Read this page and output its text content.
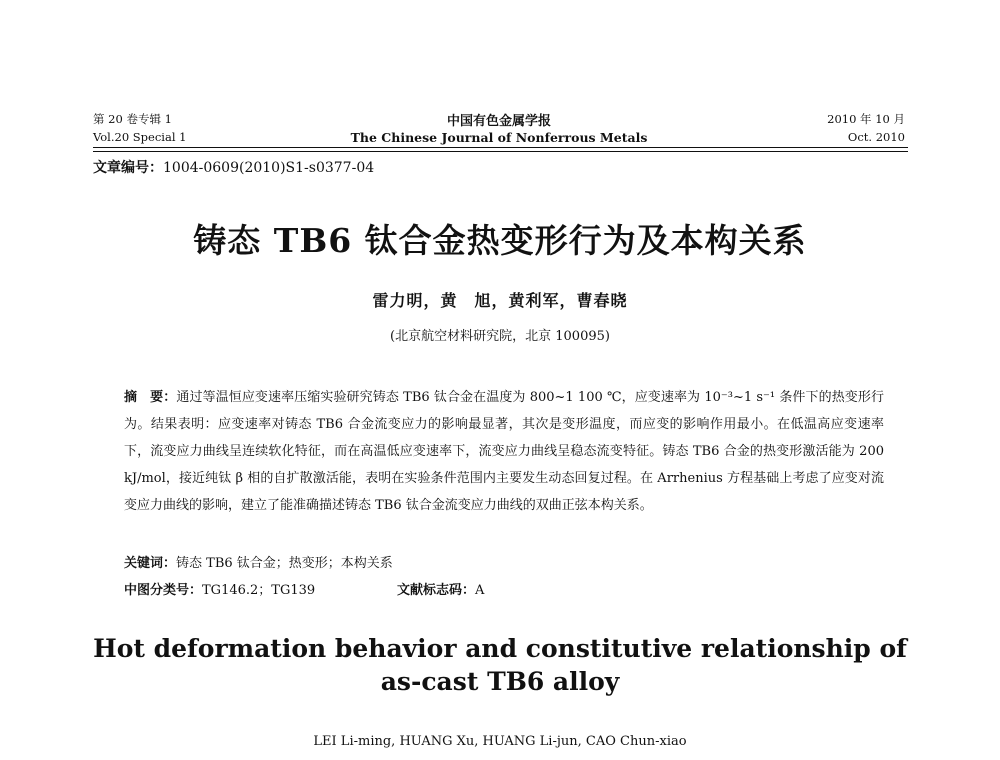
第 20 卷专辑 1	中国有色金属学报	2010 年 10 月
Vol.20 Special 1	The Chinese Journal of Nonferrous Metals	Oct. 2010
文章编号：1004-0609(2010)S1-s0377-04
铸态 TB6 钛合金热变形行为及本构关系
雷力明，黄　旭，黄利军，曹春晓
(北京航空材料研究院，北京 100095)
摘　要：通过等温恒应变速率压缩实验研究铸态 TB6 钛合金在温度为 800~1 100 ℃，应变速率为 10⁻³~1 s⁻¹ 条件下的热变形行为。结果表明：应变速率对铸态 TB6 合金流变应力的影响最显著，其次是变形温度，而应变的影响作用最小。在低温高应变速率下，流变应力曲线呈连续软化特征，而在高温低应变速率下，流变应力曲线呈稳态流变特征。铸态 TB6 合金的热变形激活能为 200 kJ/mol，接近纯钛 β 相的自扩散激活能，表明在实验条件范围内主要发生动态回复过程。在 Arrhenius 方程基础上考虑了应变对流变应力曲线的影响，建立了能准确描述铸态 TB6 钛合金流变应力曲线的双曲正弦本构关系。
关键词：铸态 TB6 钛合金；热变形；本构关系
中图分类号：TG146.2；TG139	文献标志码：A
Hot deformation behavior and constitutive relationship of
as-cast TB6 alloy
LEI Li-ming, HUANG Xu, HUANG Li-jun, CAO Chun-xiao
